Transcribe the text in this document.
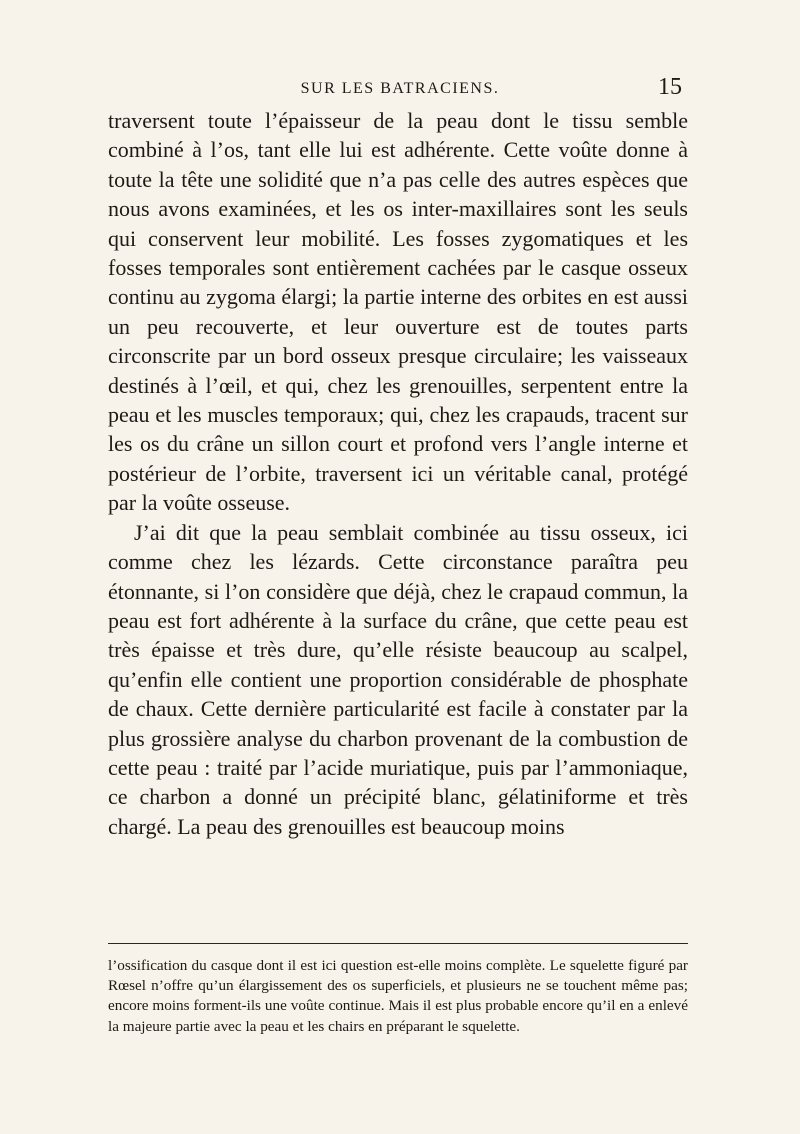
SUR LES BATRACIENS.	15

traversent toute l’épaisseur de la peau dont le tissu semble combiné à l’os, tant elle lui est adhérente. Cette voûte donne à toute la tête une solidité que n’a pas celle des autres espèces que nous avons examinées, et les os inter-maxillaires sont les seuls qui conservent leur mobilité. Les fosses zygomatiques et les fosses temporales sont entièrement cachées par le casque osseux continu au zygoma élargi; la partie interne des orbites en est aussi un peu recouverte, et leur ouverture est de toutes parts circonscrite par un bord osseux presque circulaire; les vaisseaux destinés à l’œil, et qui, chez les grenouilles, serpentent entre la peau et les muscles temporaux; qui, chez les crapauds, tracent sur les os du crâne un sillon court et profond vers l’angle interne et postérieur de l’orbite, traversent ici un véritable canal, protégé par la voûte osseuse.

J’ai dit que la peau semblait combinée au tissu osseux, ici comme chez les lézards. Cette circonstance paraîtra peu étonnante, si l’on considère que déjà, chez le crapaud commun, la peau est fort adhérente à la surface du crâne, que cette peau est très épaisse et très dure, qu’elle résiste beaucoup au scalpel, qu’enfin elle contient une proportion considérable de phosphate de chaux. Cette dernière particularité est facile à constater par la plus grossière analyse du charbon provenant de la combustion de cette peau : traité par l’acide muriatique, puis par l’ammoniaque, ce charbon a donné un précipité blanc, gélatiniforme et très chargé. La peau des grenouilles est beaucoup moins

l’ossification du casque dont il est ici question est-elle moins complète. Le squelette figuré par Rœsel n’offre qu’un élargissement des os superficiels, et plusieurs ne se touchent même pas; encore moins forment-ils une voûte continue. Mais il est plus probable encore qu’il en a enlevé la majeure partie avec la peau et les chairs en préparant le squelette.
